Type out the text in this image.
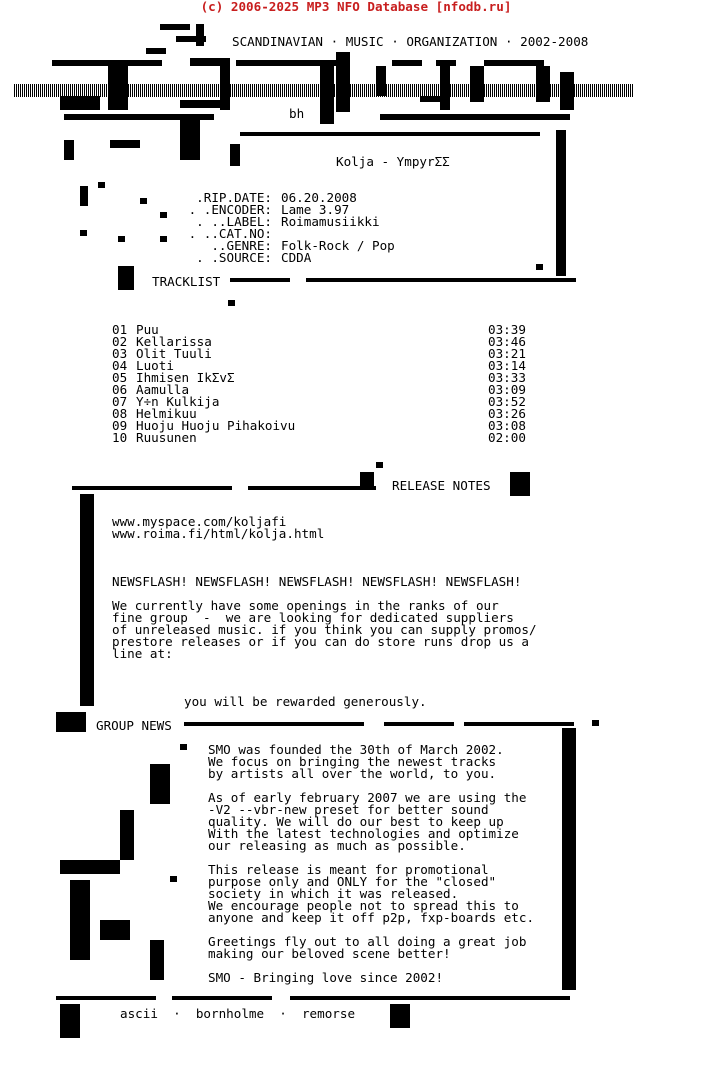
(c) 2006-2025 MP3 NFO Database [nfodb.ru]
SCANDINAVIAN · MUSIC · ORGANIZATION · 2002-2008
bh
Kolja - YmpyrΣΣ
.RIP.DATE: 06.20.2008
. .ENCODER: Lame 3.97
. ..LABEL: Roimamusiikki
. ..CAT.NO:
..GENRE: Folk-Rock / Pop
. .SOURCE: CDDA
TRACKLIST
01 Puu	03:39
02 Kellarissa	03:46
03 Olit Tuuli	03:21
04 Luoti	03:14
05 Ihmisen IkΣvΣ	03:33
06 Aamulla	03:09
07 Y÷n Kulkija	03:52
08 Helmikuu	03:26
09 Huoju Huoju Pihakoivu	03:08
10 Ruusunen	02:00
RELEASE NOTES
www.myspace.com/koljafi
www.roima.fi/html/kolja.html
NEWSFLASH! NEWSFLASH! NEWSFLASH! NEWSFLASH! NEWSFLASH!
We currently have some openings in the ranks of our
fine group  -  we are looking for dedicated suppliers
of unreleased music. if you think you can supply promos/
prestore releases or if you can do store runs drop us a
line at:
you will be rewarded generously.
GROUP NEWS
SMO was founded the 30th of March 2002.
We focus on bringing the newest tracks
by artists all over the world, to you.
As of early february 2007 we are using the
-V2 --vbr-new preset for better sound
quality. We will do our best to keep up
With the latest technologies and optimize
our releasing as much as possible.
This release is meant for promotional
purpose only and ONLY for the "closed"
society in which it was released.
We encourage people not to spread this to
anyone and keep it off p2p, fxp-boards etc.
Greetings fly out to all doing a great job
making our beloved scene better!
SMO - Bringing love since 2002!
ascii  ·  bornholme  ·  remorse
